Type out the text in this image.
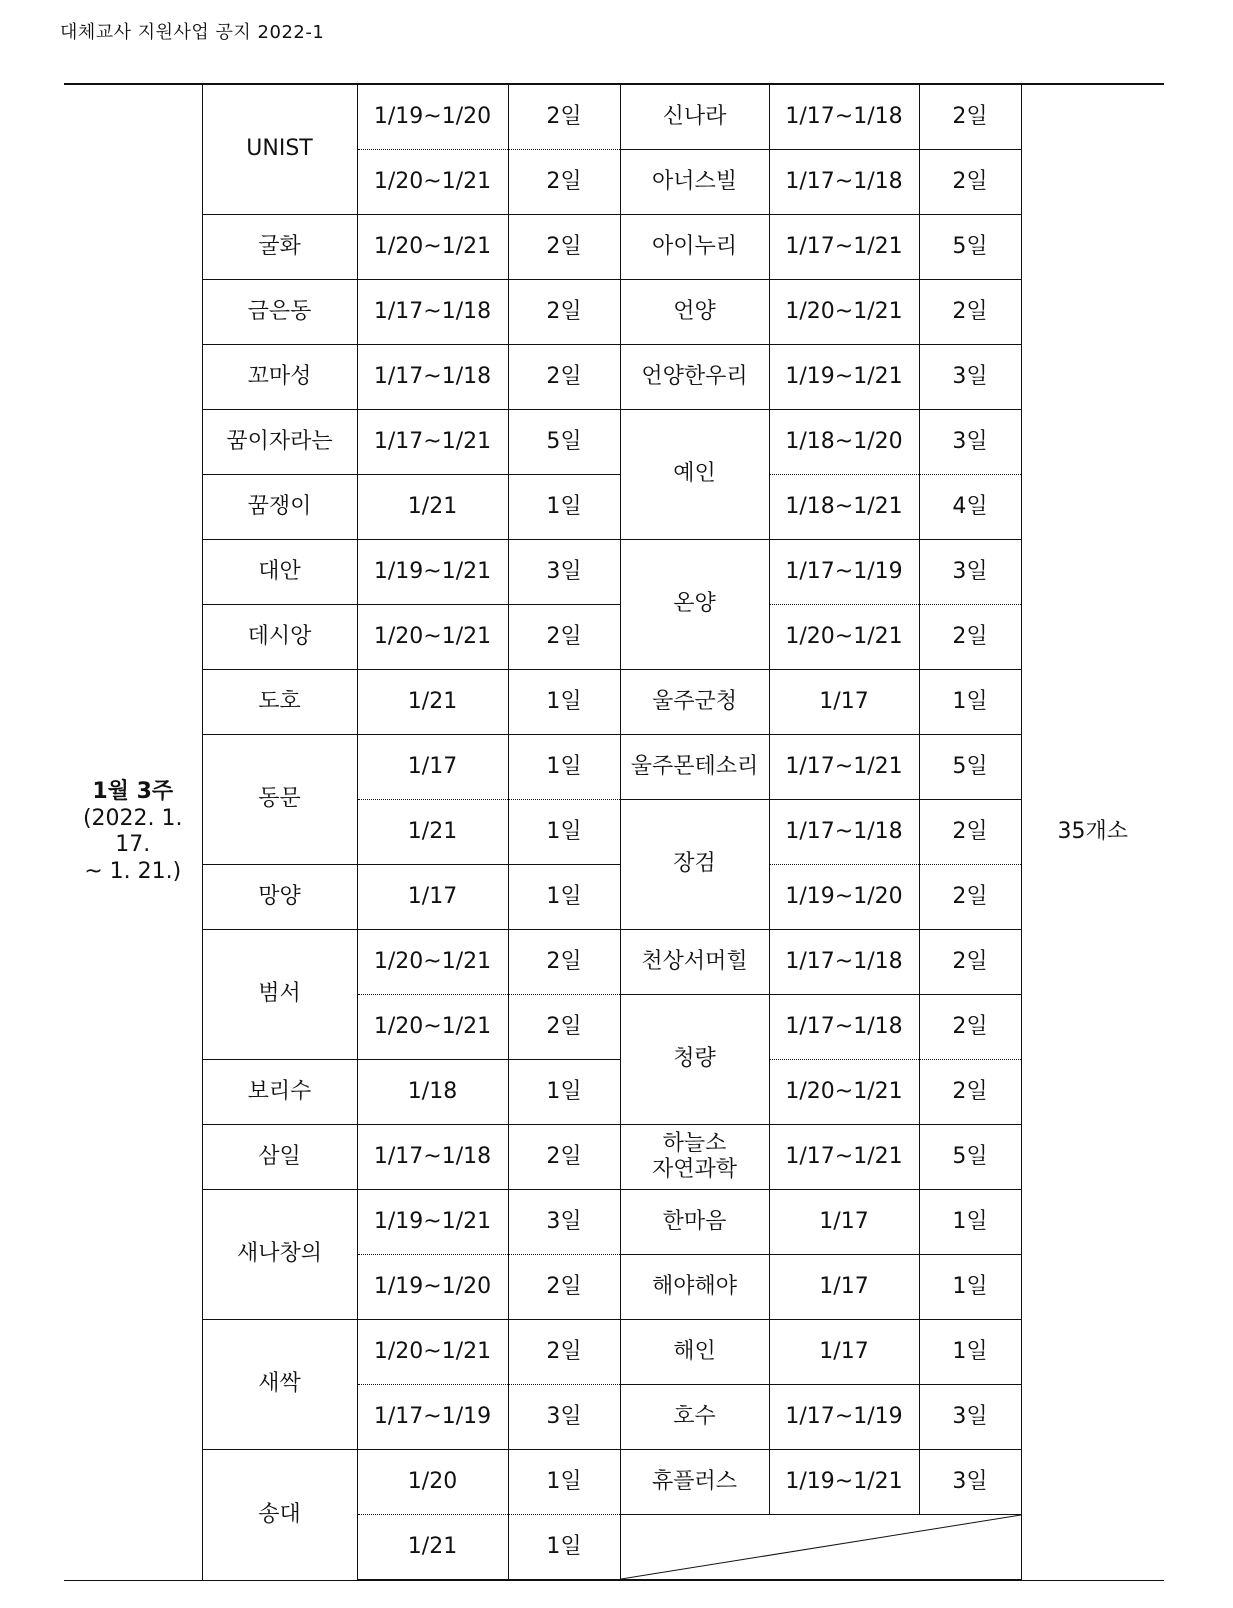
대체교사 지원사업 공지 2022-1
1월 3주
(2022. 1. 17.
~ 1. 21.)	UNIST	1/19~1/20	2일	신나라	1/17~1/18	2일	35개소
		1/20~1/21	2일	아너스빌	1/17~1/18	2일	
	굴화	1/20~1/21	2일	아이누리	1/17~1/21	5일	
	금은동	1/17~1/18	2일	언양	1/20~1/21	2일	
	꼬마성	1/17~1/18	2일	언양한우리	1/19~1/21	3일	
	꿈이자라는	1/17~1/21	5일	예인	1/18~1/20	3일	
	꿈쟁이	1/21	1일		1/18~1/21	4일	
	대안	1/19~1/21	3일	온양	1/17~1/19	3일	
	데시앙	1/20~1/21	2일		1/20~1/21	2일	
	도호	1/21	1일	울주군청	1/17	1일	
	동문	1/17	1일	울주몬테소리	1/17~1/21	5일	
		1/21	1일	장검	1/17~1/18	2일	
	망양	1/17	1일		1/19~1/20	2일	
	범서	1/20~1/21	2일	천상서머힐	1/17~1/18	2일	
		1/20~1/21	2일	청량	1/17~1/18	2일	
	보리수	1/18	1일		1/20~1/21	2일	
	삼일	1/17~1/18	2일	하늘소
자연과학	1/17~1/21	5일	
	새나창의	1/19~1/21	3일	한마음	1/17	1일	
		1/19~1/20	2일	해야해야	1/17	1일	
	새싹	1/20~1/21	2일	해인	1/17	1일	
		1/17~1/19	3일	호수	1/17~1/19	3일	
	송대	1/20	1일	휴플러스	1/19~1/21	3일	
		1/21	1일	
